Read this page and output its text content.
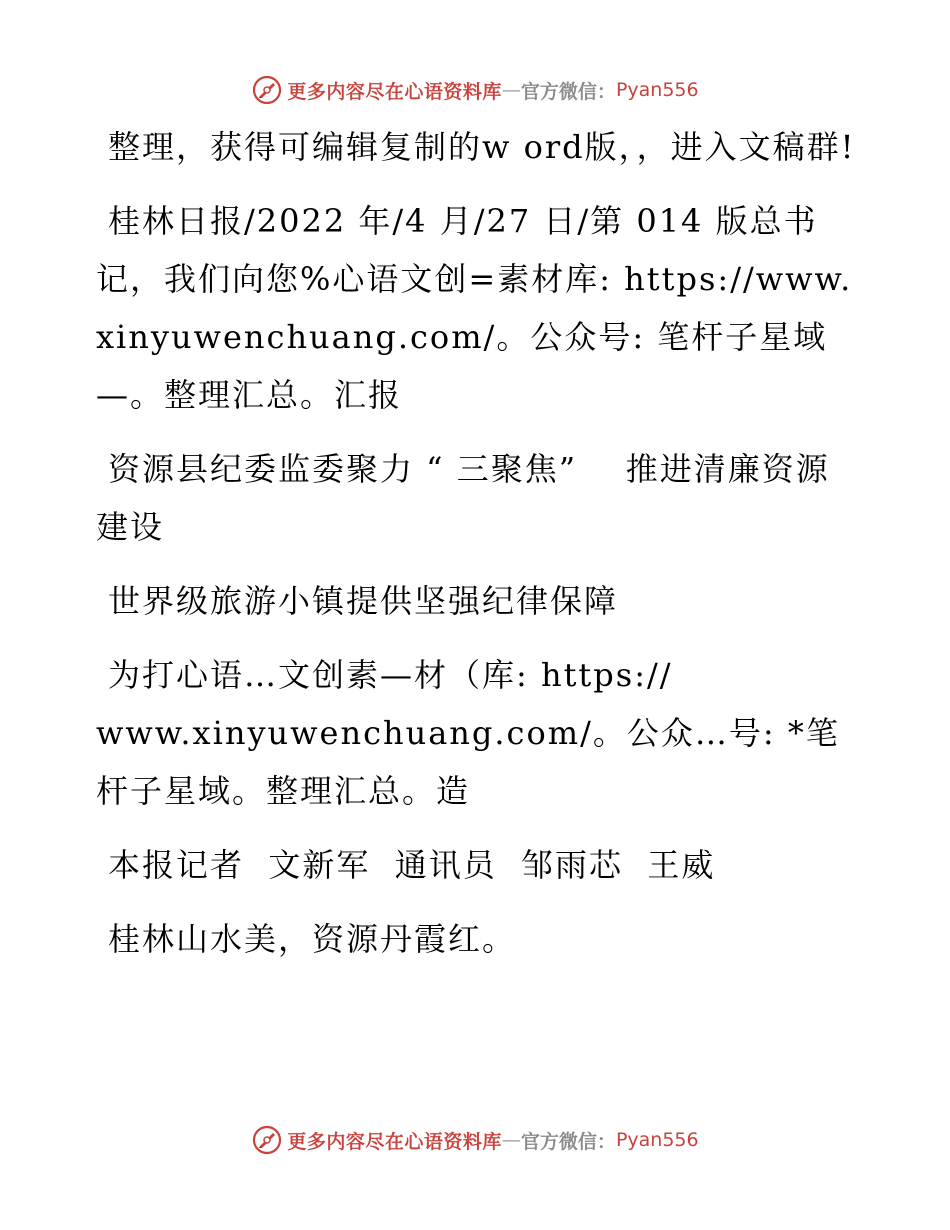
更多内容尽在心语资料库 — 官方微信： Pyan556

整理，获得可编辑复制的w ord版，，进入文稿群!

桂林日报/2022 年/4 月/27 日/第 014 版总书记，我们向您%心语文创=素材库: https://www.xinyuwenchuang.com/。公众号: 笔杆子星域—。整理汇总。汇报

资源县纪委监委聚力 “ 三聚焦”    推进清廉资源建设

世界级旅游小镇提供坚强纪律保障

为打心语…文创素—材（库: https://
www.xinyuwenchuang.com/。公众…号: *笔杆子星域。整理汇总。造

本报记者  文新军  通讯员  邹雨芯  王威

桂林山水美，资源丹霞红。

更多内容尽在心语资料库 — 官方微信： Pyan556
